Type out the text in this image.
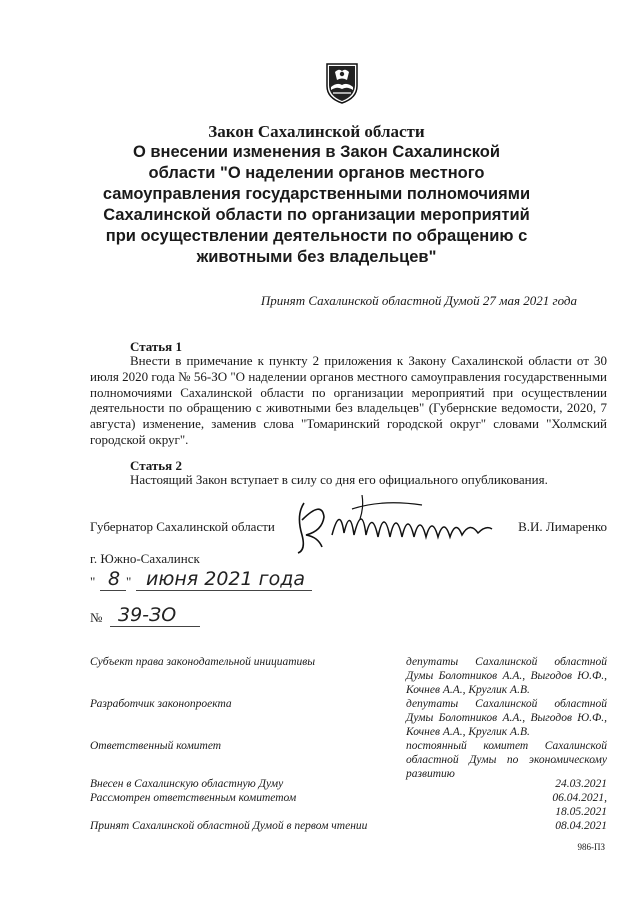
Закон Сахалинской области
О внесении изменения в Закон Сахалинской
области "О наделении органов местного
самоуправления государственными полномочиями
Сахалинской области по организации мероприятий
при осуществлении деятельности по обращению с
животными без владельцев"
Принят Сахалинской областной Думой 27 мая 2021 года
Статья 1
Внести в примечание к пункту 2 приложения к Закону Сахалинской области от 30 июля 2020 года № 56-ЗО "О наделении органов местного самоуправления государственными полномочиями Сахалинской области по организации мероприятий при осуществлении деятельности по обращению с животными без владельцев" (Губернские ведомости, 2020, 7 августа) изменение, заменив слова "Томаринский городской округ" словами "Холмский городской округ".
Статья 2
Настоящий Закон вступает в силу со дня его официального опубликования.
Губернатор Сахалинской области	В.И. Лимаренко
г. Южно-Сахалинск
" 8 " июня 2021 года
№ 39-ЗО
Субъект права законодательной инициативы	депутаты Сахалинской областной Думы Болотников А.А., Выгодов Ю.Ф., Кочнев А.А., Круглик А.В.
Разработчик законопроекта	депутаты Сахалинской областной Думы Болотников А.А., Выгодов Ю.Ф., Кочнев А.А., Круглик А.В.
Ответственный комитет	постоянный комитет Сахалинской областной Думы по экономическому развитию
Внесен в Сахалинскую областную Думу	24.03.2021
Рассмотрен ответственным комитетом	06.04.2021,
18.05.2021
Принят Сахалинской областной Думой в первом чтении	08.04.2021
986-ПЗ
